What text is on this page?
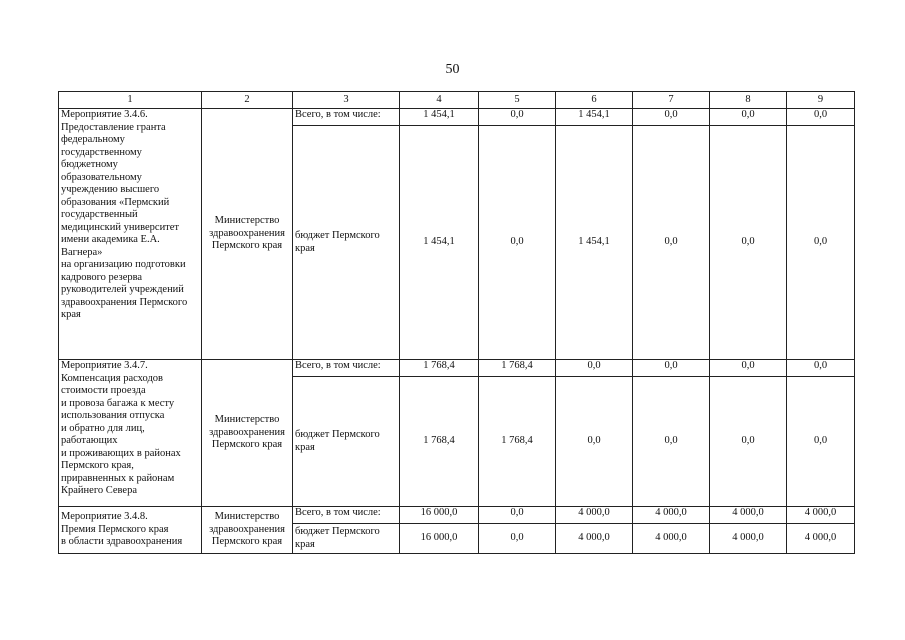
50
1	2	3	4	5	6	7	8	9
Мероприятие 3.4.6.
Предоставление гранта федеральному государственному бюджетному образовательному учреждению высшего образования «Пермский государственный медицинский университет имени академика Е.А. Вагнера»
на организацию подготовки кадрового резерва руководителей учреждений здравоохранения Пермского края	Министерство здравоохранения Пермского края	Всего, в том числе:	1 454,1	0,0	1 454,1	0,0	0,0	0,0
		бюджет Пермского края	1 454,1	0,0	1 454,1	0,0	0,0	0,0
Мероприятие 3.4.7.
Компенсация расходов стоимости проезда
и провоза багажа к месту использования отпуска
и обратно для лиц, работающих
и проживающих в районах Пермского края, приравненных к районам Крайнего Севера	Министерство здравоохранения Пермского края	Всего, в том числе:	1 768,4	1 768,4	0,0	0,0	0,0	0,0
		бюджет Пермского края	1 768,4	1 768,4	0,0	0,0	0,0	0,0
Мероприятие 3.4.8.
Премия Пермского края
в области здравоохранения	Министерство здравоохранения Пермского края	Всего, в том числе:	16 000,0	0,0	4 000,0	4 000,0	4 000,0	4 000,0
		бюджет Пермского края	16 000,0	0,0	4 000,0	4 000,0	4 000,0	4 000,0
